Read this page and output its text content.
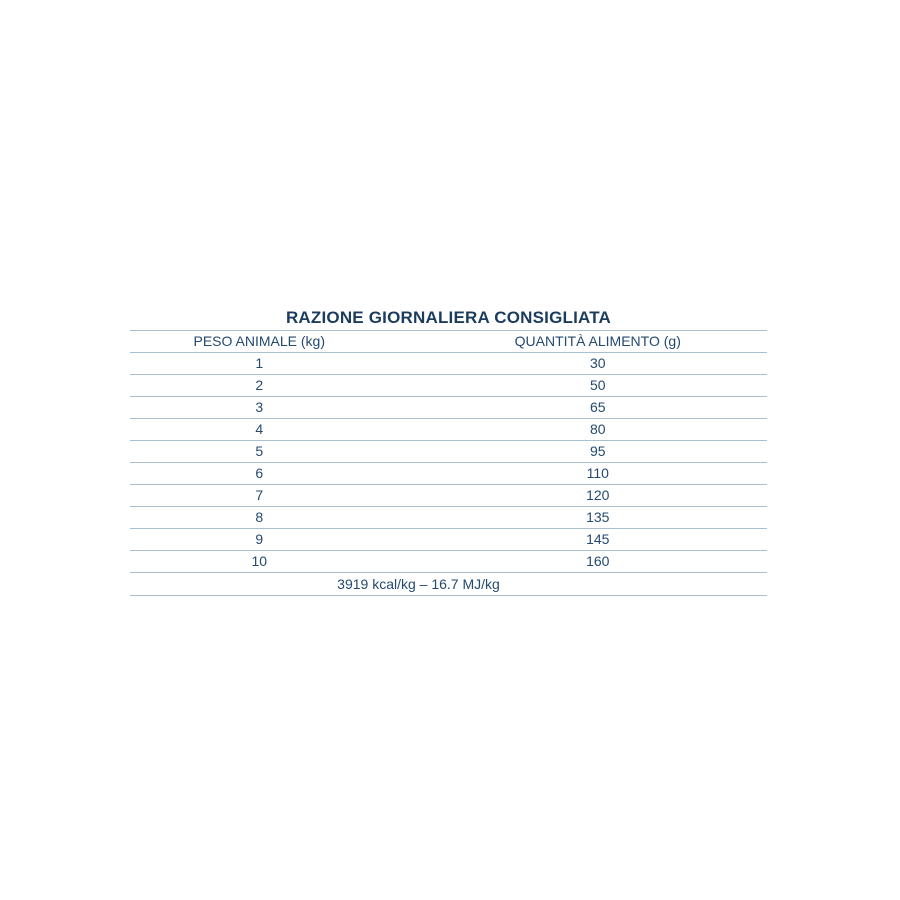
RAZIONE GIORNALIERA CONSIGLIATA
PESO ANIMALE (kg)	QUANTITÀ ALIMENTO (g)
1	30
2	50
3	65
4	80
5	95
6	110
7	120
8	135
9	145
10	160
3919 kcal/kg – 16.7 MJ/kg	
